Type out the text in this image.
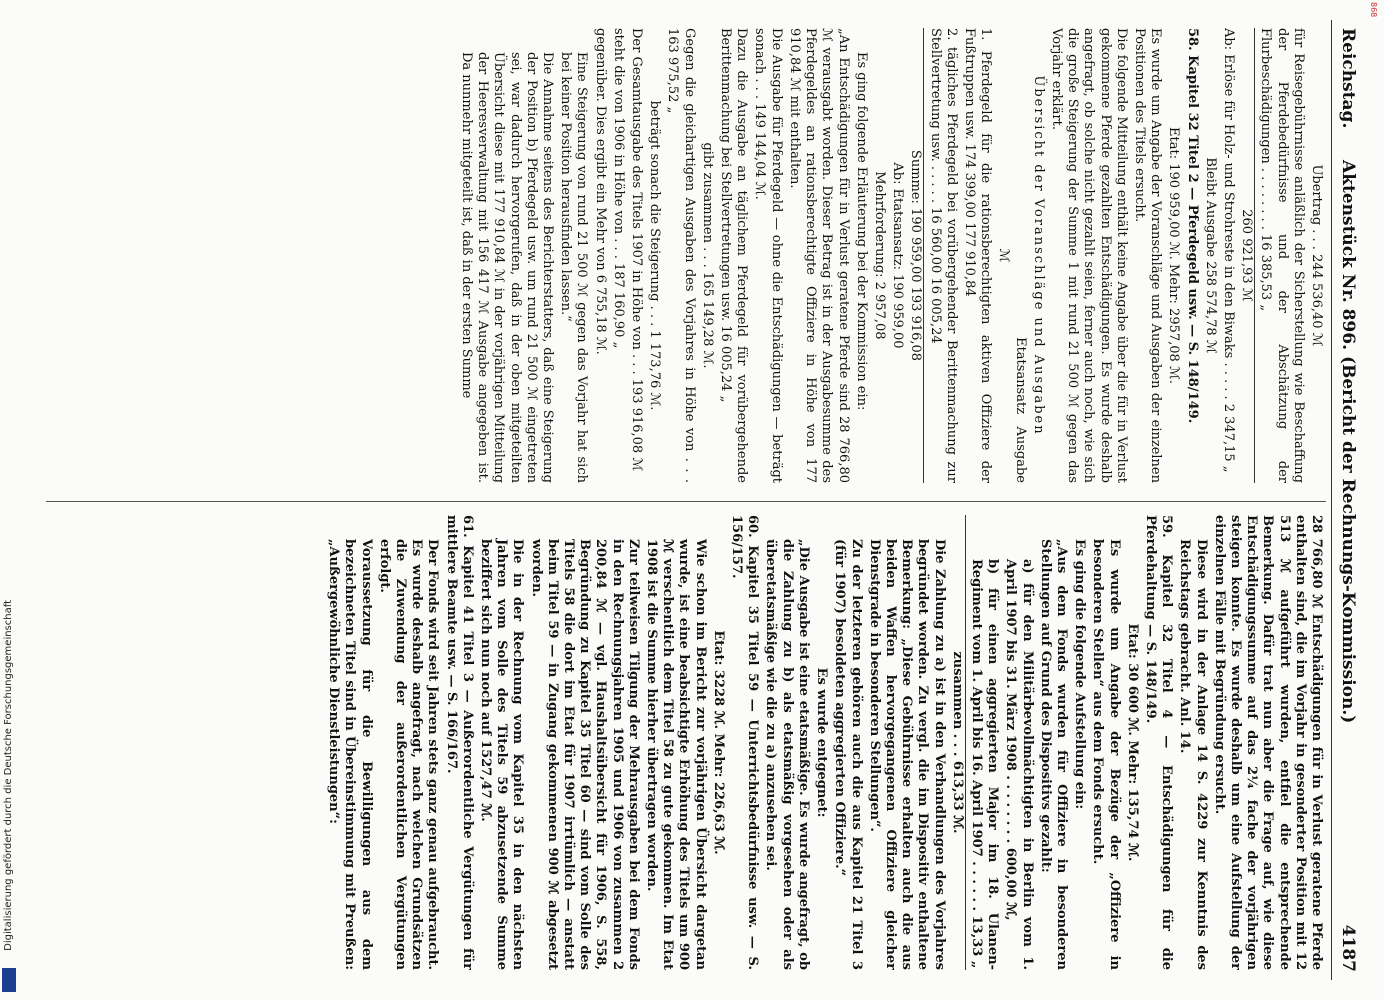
Digitalisierung gefördert durch die Deutsche Forschungsgemeinschaft
868
Reichstag.
Aktenstück Nr. 896. (Bericht der Rechnungs-Kommission.)
4187

Übertrag . . . 244 536,40 ℳ

für Reisegebührnisse anläßlich der Sicherstellung wie Beschaffung der Pferdebedürfnisse und der Abschätzung der Flurbeschädigungen . . . . . . . . 16 385,53 „

260 921,93 ℳ

Ab: Erlöse für Holz- und Strohreste in den Biwaks . . . . . 2 347,15 „

Bleibt Ausgabe 258 574,78 ℳ

58. Kapitel 32 Titel 2 — Pferdegeld usw. — S. 148/149.

Etat: 190 959,00 ℳ. Mehr: 2957,08 ℳ.

Es wurde um Angabe der Voranschläge und Ausgaben der einzelnen Positionen des Titels ersucht.

Die folgende Mitteilung enthält keine Angabe über die für in Verlust gekommene Pferde gezahlten Entschädigungen. Es wurde deshalb angefragt, ob solche nicht gezahlt seien, ferner auch noch, wie sich die große Steigerung der Summe 1 mit rund 21 500 ℳ gegen das Vorjahr erklärt.

Übersicht der Voranschläge und Ausgaben

Etatsansatz   Ausgabe

ℳ

1. Pferdegeld für die rationsberechtigten aktiven Offiziere der Fußtruppen usw. 174 399,00 177 910,84

2. tägliches Pferdegeld bei vorübergehender Berittenmachung zur Stellvertretung usw. . . . . . 16 560,00 16 005,24

Summe: 190 959,00 193 916,08

Ab: Etatsansatz: 190 959,00

Mehrforderung: 2 957,08

Es ging folgende Erläuterung bei der Kommission ein:

„An Entschädigungen für in Verlust geratene Pferde sind 28 766,80 ℳ verausgabt worden. Dieser Betrag ist in der Ausgabesumme des Pferdegeldes an rationsberechtigte Offiziere in Höhe von 177 910,84 ℳ mit enthalten.

Die Ausgabe für Pferdegeld — ohne die Entschädigungen — beträgt sonach . . . 149 144,04 ℳ.

Dazu die Ausgabe an täglichem Pferdegeld für vorübergehende Berittenmachung bei Stellvertretungen usw. 16 005,24 „

gibt zusammen . . . 165 149,28 ℳ.

Gegen die gleichartigen Ausgaben des Vorjahres in Höhe von . . . 163 975,52 „

beträgt sonach die Steigerung . . . 1 173,76 ℳ.

Der Gesamtausgabe des Titels 1907 in Höhe von . . . 193 916,08 ℳ

steht die von 1906 in Höhe von . . . 187 160,90 „

gegenüber. Dies ergibt ein Mehr von 6 755,18 ℳ.

Eine Steigerung von rund 21 500 ℳ gegen das Vorjahr hat sich bei keiner Position herausfinden lassen.“

Die Annahme seitens des Berichterstatters, daß eine Steigerung der Position b) Pferdegeld usw. um rund 21 500 ℳ eingetreten sei, war dadurch hervorgerufen, daß in der oben mitgeteilten Übersicht diese mit 177 910,84 ℳ in der vorjährigen Mitteilung der Heeresverwaltung mit 156 417 ℳ Ausgabe angegeben ist. Da nunmehr mitgeteilt ist, daß in der ersten Summe

28 766,80 ℳ Entschädigungen für in Verlust geratene Pferde enthalten sind, die im Vorjahr in gesonderter Position mit 12 513 ℳ aufgeführt wurden, entfiel die entsprechende Bemerkung. Dafür trat nun aber die Frage auf, wie diese Entschädigungssumme auf das 2¼ fache der vorjährigen steigen konnte. Es wurde deshalb um eine Aufstellung der einzelnen Fälle mit Begründung ersucht.

Diese wird in der Anlage 14 S. 4229 zur Kenntnis des Reichstags gebracht. Anl. 14.

59. Kapitel 32 Titel 4 — Entschädigungen für die Pferdehaltung — S. 148/149.

Etat: 30 600 ℳ. Mehr: 135,74 ℳ.

Es wurde um Angabe der Bezüge der „Offiziere in besonderen Stellen“ aus dem Fonds ersucht.

Es ging die folgende Aufstellung ein:

„Aus dem Fonds wurden für Offiziere in besonderen Stellungen auf Grund des Dispositivs gezahlt:

a) für den Militärbevollmächtigten in Berlin vom 1. April 1907 bis 31. März 1908 . . . . . . . . 600,00 ℳ,

b) für einen aggregierten Major im 18. Ulanen-Regiment vom 1. April bis 16. April 1907 . . . . . . 13,33 „

zusammen . . . 613,33 ℳ.

Die Zahlung zu a) ist in den Verhandlungen des Vorjahres begründet worden. Zu vergl. die im Dispositiv enthaltene Bemerkung: „Diese Gebührnisse erhalten auch die aus beiden Waffen hervorgegangenen Offiziere gleicher Dienstgrade in besonderen Stellungen“.

Zu der letzteren gehören auch die aus Kapitel 21 Titel 3 (für 1907) besoldeten aggregierten Offiziere.“

Es wurde entgegnet:

„Die Ausgabe ist eine etatsmäßige. Es wurde angefragt, ob die Zahlung zu b) als etatsmäßig vorgesehen oder als überetatsmäßige wie die zu a) anzusehen sei.

60. Kapitel 35 Titel 59 — Unterrichtsbedürfnisse usw. — S. 156/157.

Etat: 3228 ℳ. Mehr: 226,63 ℳ.

Wie schon im Bericht zur vorjährigen Übersicht dargetan wurde, ist eine beabsichtigte Erhöhung des Titels um 900 ℳ verschentlich dem Titel 58 zu gute gekommen. Im Etat 1908 ist die Summe hierher übertragen worden.

Zur teilweisen Tilgung der Mehrausgaben bei dem Fonds in den Rechnungsjahren 1905 und 1906 von zusammen 2 200,84 ℳ — vgl. Haushaltsübersicht für 1906, S. 558, Begründung zu Kapitel 35 Titel 60 — sind vom Solle des Titels 58 die dort im Etat für 1907 irrtümlich — anstatt beim Titel 59 — in Zugang gekommenen 900 ℳ abgesetzt worden.

Die in der Rechnung vom Kapitel 35 in den nächsten Jahren vom Solle des Titels 59 abzusetzende Summe beziffert sich nun noch auf 1527,47 ℳ.

61. Kapitel 41 Titel 3 — Außerordentliche Vergütungen für mittlere Beamte usw. — S. 166/167.

Der Fonds wird seit Jahren stets ganz genau aufgebraucht. Es wurde deshalb angefragt, nach welchen Grundsätzen die Zuwendung der außerordentlichen Vergütungen erfolgt.

Voraussetzung für die Bewilligungen aus dem bezeichneten Titel sind in Übereinstimmung mit Preußen: „Außergewöhnliche Dienstleistungen“:
